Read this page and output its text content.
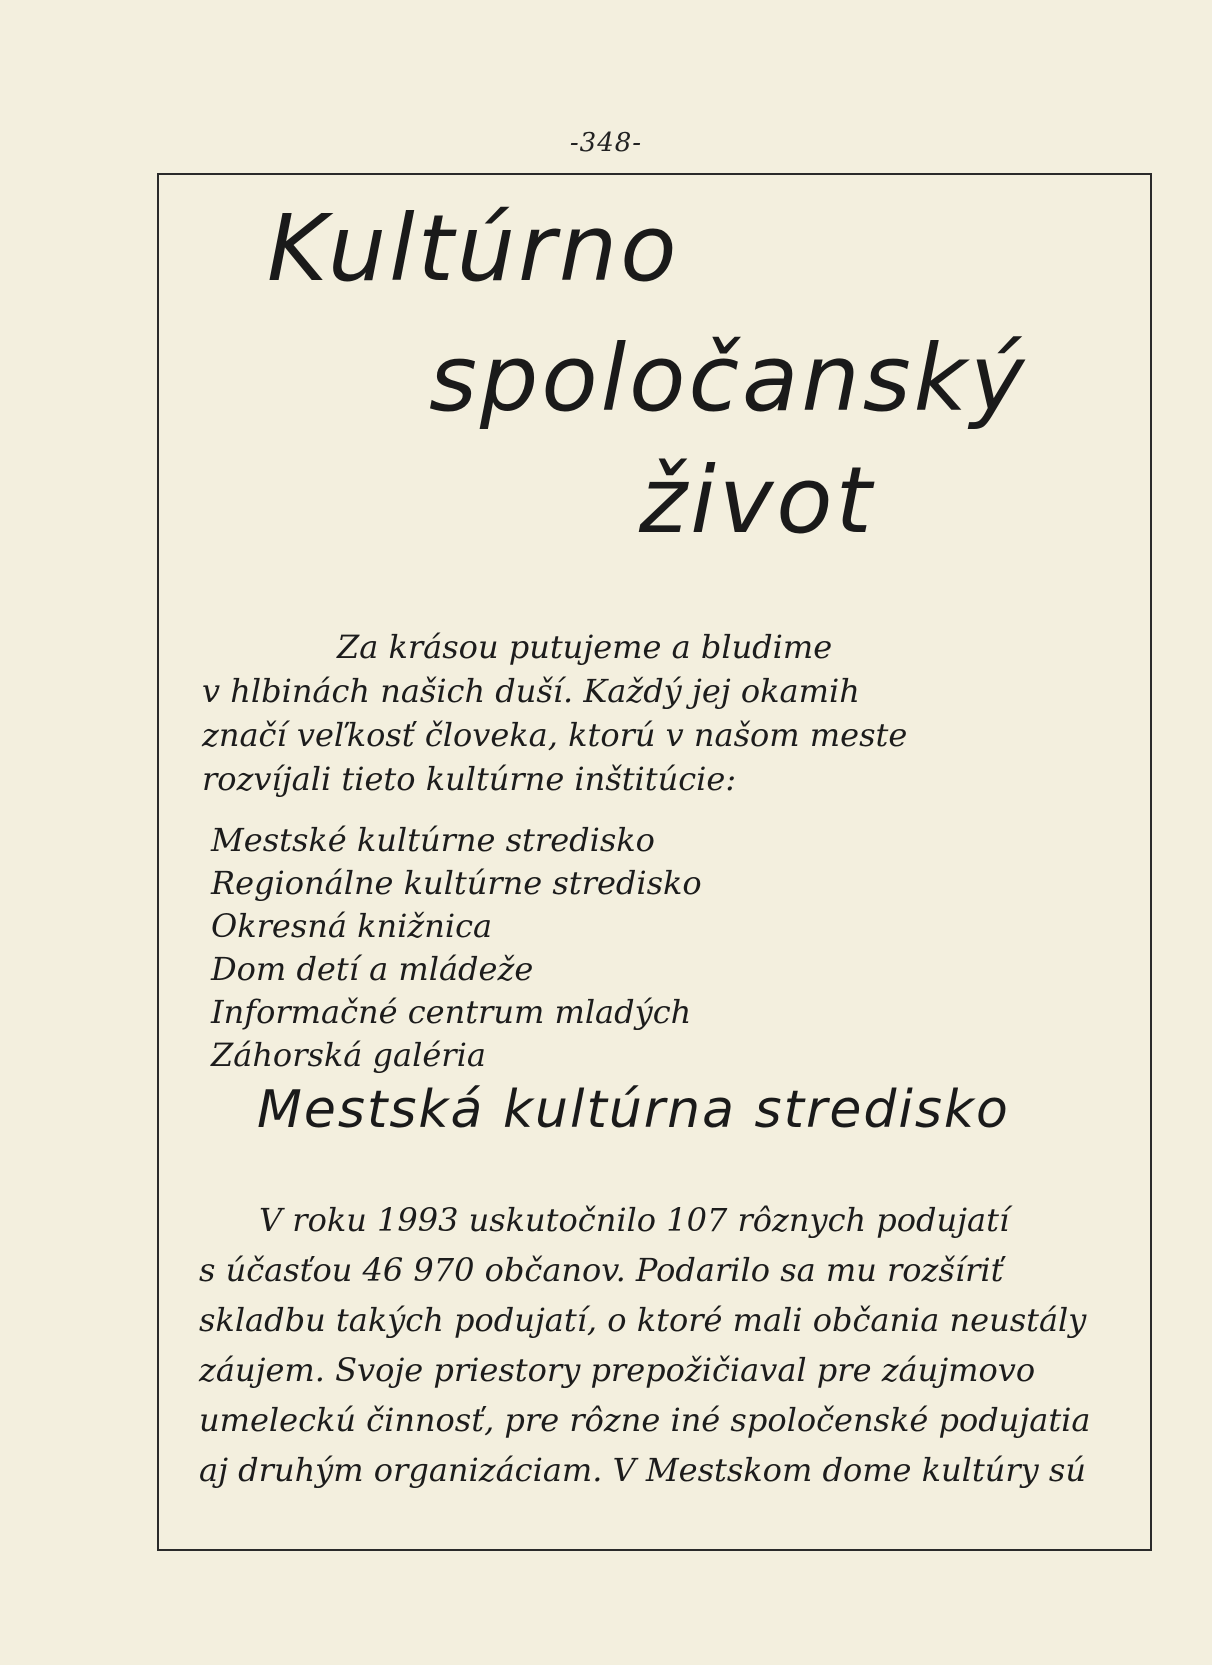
-348-

Kultúrno
spoločanský
život
Za krásou putujeme a bludime
v hlbinách našich duší. Každý jej okamih
značí veľkosť človeka, ktorú v našom meste
rozvíjali tieto kultúrne inštitúcie:
Mestské kultúrne stredisko
Regionálne kultúrne stredisko
Okresná knižnica
Dom detí a mládeže
Informačné centrum mladých
Záhorská galéria
Mestská kultúrna stredisko
V roku 1993 uskutočnilo 107 rôznych podujatí
s účasťou 46 970 občanov. Podarilo sa mu rozšíriť
skladbu takých podujatí, o ktoré mali občania neustály
záujem. Svoje priestory prepožičiaval pre záujmovo
umeleckú činnosť, pre rôzne iné spoločenské podujatia
aj druhým organizáciam. V Mestskom dome kultúry sú
